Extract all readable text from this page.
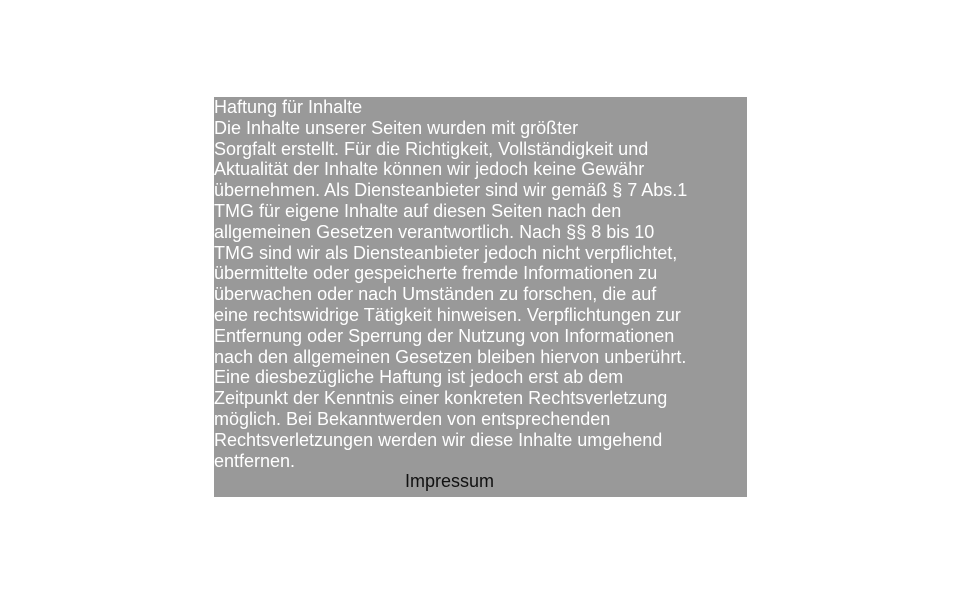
Haftung für Inhalte
Die Inhalte unserer Seiten wurden mit größter
Sorgfalt erstellt. Für die Richtigkeit, Vollständigkeit und
Aktualität der Inhalte können wir jedoch keine Gewähr
übernehmen. Als Diensteanbieter sind wir gemäß § 7 Abs.1
TMG für eigene Inhalte auf diesen Seiten nach den
allgemeinen Gesetzen verantwortlich. Nach §§ 8 bis 10
TMG sind wir als Diensteanbieter jedoch nicht verpflichtet,
übermittelte oder gespeicherte fremde Informationen zu
überwachen oder nach Umständen zu forschen, die auf
eine rechtswidrige Tätigkeit hinweisen. Verpflichtungen zur
Entfernung oder Sperrung der Nutzung von Informationen
nach den allgemeinen Gesetzen bleiben hiervon unberührt.
Eine diesbezügliche Haftung ist jedoch erst ab dem
Zeitpunkt der Kenntnis einer konkreten Rechtsverletzung
möglich. Bei Bekanntwerden von entsprechenden
Rechtsverletzungen werden wir diese Inhalte umgehend
entfernen.
Impressum
